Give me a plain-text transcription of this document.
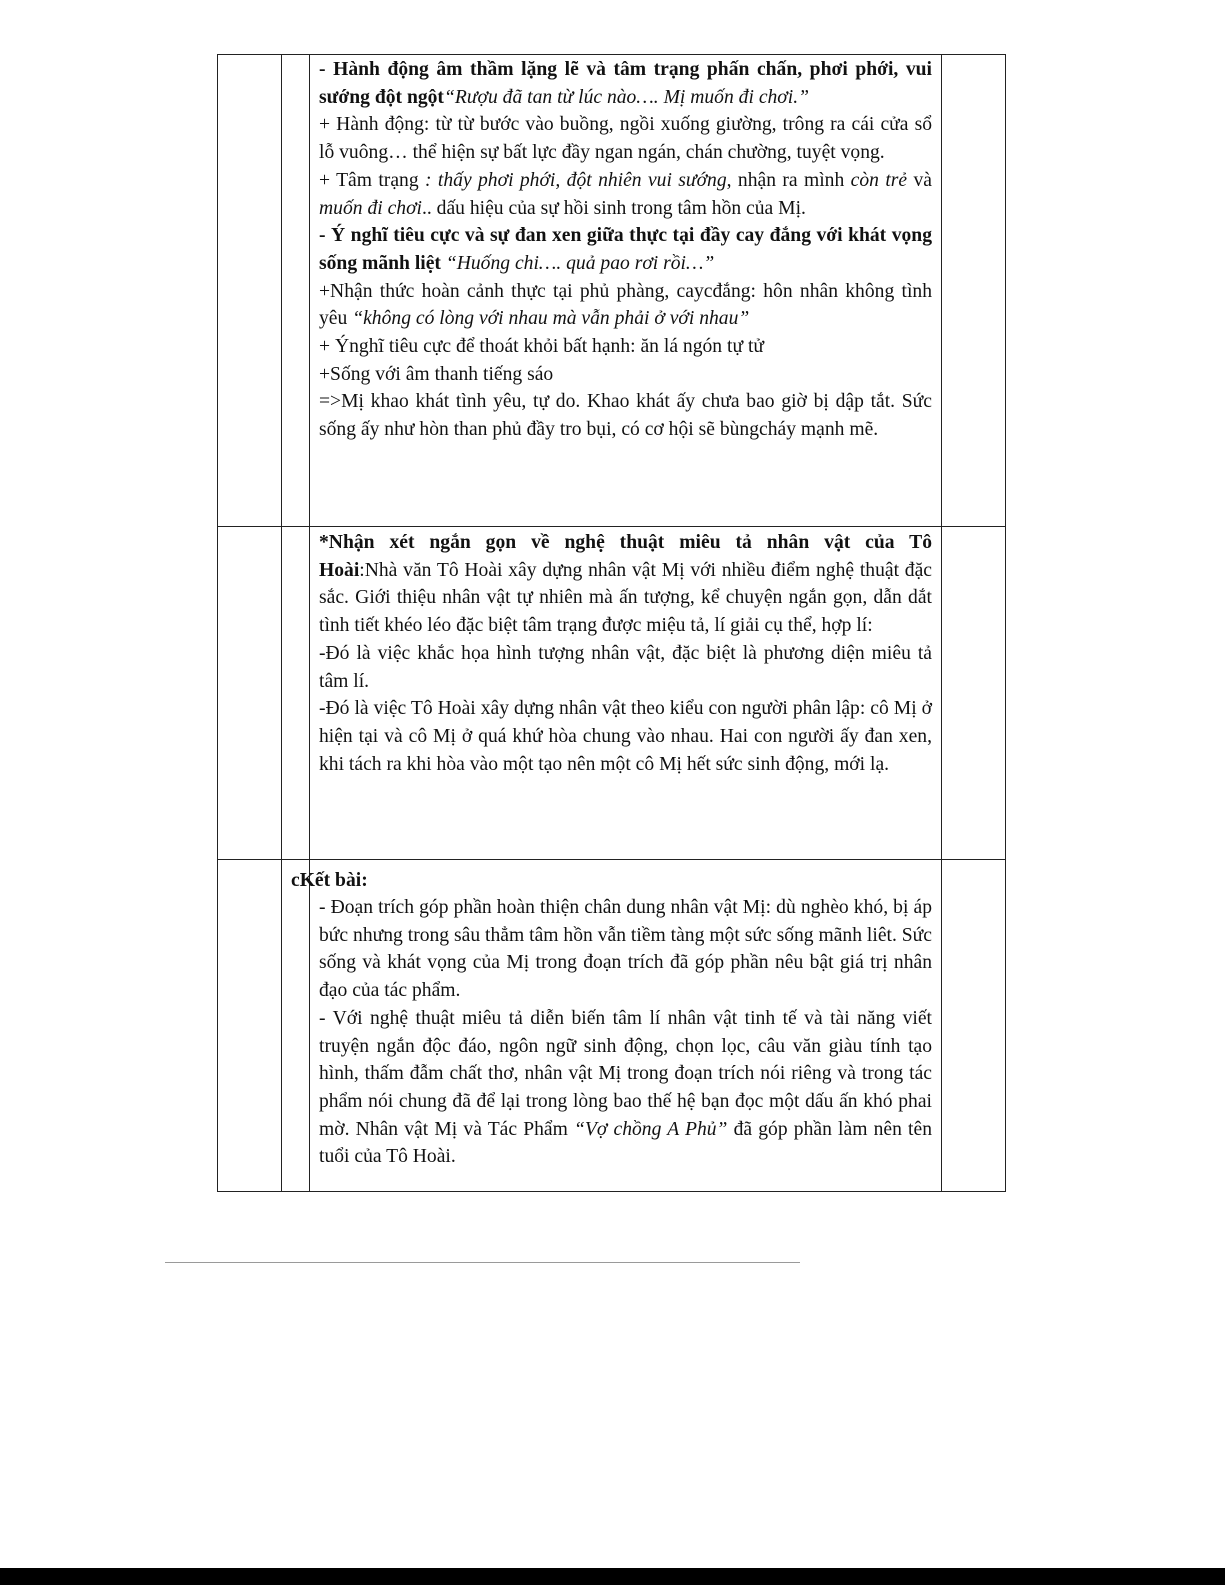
- Hành động âm thầm lặng lẽ và tâm trạng phấn chấn, phơi phới, vui sướng đột ngột“Rượu đã tan từ lúc nào…. Mị muốn đi chơi.”

+ Hành động: từ từ bước vào buồng, ngồi xuống giường, trông ra cái cửa sổ lỗ vuông… thể hiện sự bất lực đầy ngan ngán, chán chường, tuyệt vọng.

+ Tâm trạng : thấy phơi phới, đột nhiên vui sướng, nhận ra mình còn trẻ và muốn đi chơi.. dấu hiệu của sự hồi sinh trong tâm hồn của Mị.

- Ý nghĩ tiêu cực và sự đan xen giữa thực tại đầy cay đắng với khát vọng sống mãnh liệt “Huống chi…. quả pao rơi rồi…”

+Nhận thức hoàn cảnh thực tại phủ phàng, caycđắng: hôn nhân không tình yêu “không có lòng với nhau mà vẫn phải ở với nhau”

+ Ýnghĩ tiêu cực để thoát khỏi bất hạnh: ăn lá ngón tự tử

+Sống với âm thanh tiếng sáo

=>Mị khao khát tình yêu, tự do. Khao khát ấy chưa bao giờ bị dập tắt. Sức sống ấy như hòn than phủ đầy tro bụi, có cơ hội sẽ bùngcháy mạnh mẽ.

*Nhận xét ngắn gọn về nghệ thuật miêu tả nhân vật của Tô Hoài:Nhà văn Tô Hoài xây dựng nhân vật Mị với nhiều điểm nghệ thuật đặc sắc. Giới thiệu nhân vật tự nhiên mà ấn tượng, kể chuyện ngắn gọn, dẫn dắt tình tiết khéo léo đặc biệt tâm trạng được miệu tả, lí giải cụ thể, hợp lí:

-Đó là việc khắc họa hình tượng nhân vật, đặc biệt là phương diện miêu tả tâm lí.

-Đó là việc Tô Hoài xây dựng nhân vật theo kiểu con người phân lập: cô Mị ở hiện tại và cô Mị ở quá khứ hòa chung vào nhau. Hai con người ấy đan xen, khi tách ra khi hòa vào một tạo nên một cô Mị hết sức sinh động, mới lạ.

cKết bài:

- Đoạn trích góp phần hoàn thiện chân dung nhân vật Mị: dù nghèo khó, bị áp bức nhưng trong sâu thẳm tâm hồn vẫn tiềm tàng một sức sống mãnh liêt. Sức sống và khát vọng của Mị trong đoạn trích đã góp phần nêu bật giá trị nhân đạo của tác phẩm.

- Với nghệ thuật miêu tả diễn biến tâm lí nhân vật tinh tế và tài năng viết truyện ngắn độc đáo, ngôn ngữ sinh động, chọn lọc, câu văn giàu tính tạo hình, thấm đẫm chất thơ, nhân vật Mị trong đoạn trích nói riêng và trong tác phẩm nói chung đã để lại trong lòng bao thế hệ bạn đọc một dấu ấn khó phai mờ. Nhân vật Mị và Tác Phẩm “Vợ chồng A Phủ” đã góp phần làm nên tên tuổi của Tô Hoài.
